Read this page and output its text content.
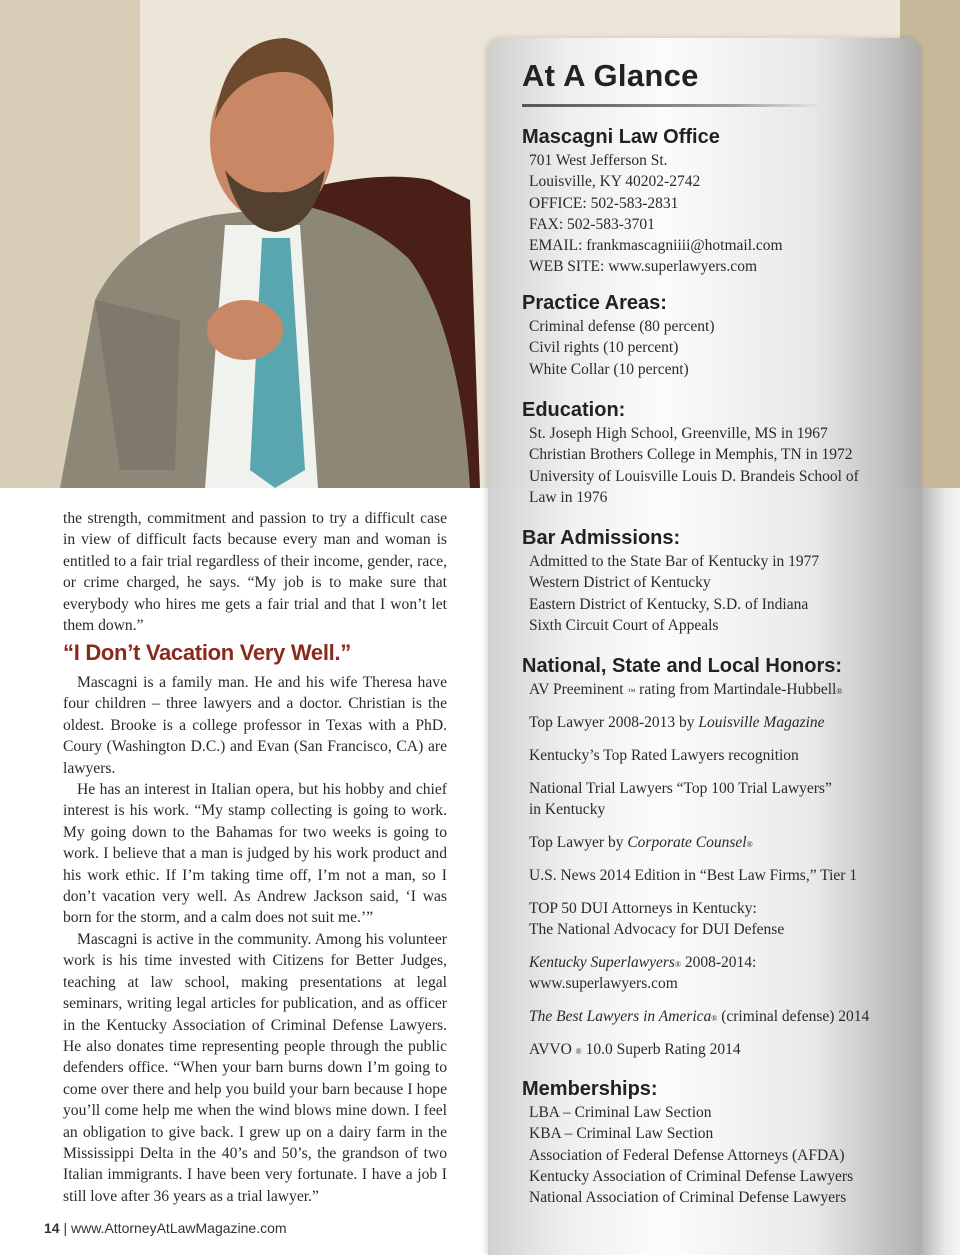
At A Glance
Mascagni Law Office
701 West Jefferson St.
Louisville, KY 40202-2742
OFFICE: 502-583-2831
FAX: 502-583-3701
EMAIL: frankmascagniiii@hotmail.com
WEB SITE: www.superlawyers.com
Practice Areas:
Criminal defense (80 percent)
Civil rights (10 percent)
White Collar (10 percent)
Education:
St. Joseph High School, Greenville, MS in 1967
Christian Brothers College in Memphis, TN in 1972
University of Louisville Louis D. Brandeis School of
Law in 1976
Bar Admissions:
Admitted to the State Bar of Kentucky in 1977
Western District of Kentucky
Eastern District of Kentucky, S.D. of Indiana
Sixth Circuit Court of Appeals
National, State and Local Honors:
AV Preeminent ™ rating from Martindale-Hubbell®
Top Lawyer 2008-2013 by Louisville Magazine
Kentucky’s Top Rated Lawyers recognition
National Trial Lawyers “Top 100 Trial Lawyers”
in Kentucky
Top Lawyer by Corporate Counsel®
U.S. News 2014 Edition in “Best Law Firms,” Tier 1
TOP 50 DUI Attorneys in Kentucky:
The National Advocacy for DUI Defense
Kentucky Superlawyers® 2008-2014:
www.superlawyers.com
The Best Lawyers in America® (criminal defense) 2014
AVVO ® 10.0 Superb Rating 2014
Memberships:
LBA – Criminal Law Section
KBA – Criminal Law Section
Association of Federal Defense Attorneys (AFDA)
Kentucky Association of Criminal Defense Lawyers
National Association of Criminal Defense Lawyers

the strength, commitment and passion to try a difficult case in view of difficult facts because every man and woman is entitled to a fair trial regardless of their income, gender, race, or crime charged, he says. “My job is to make sure that everybody who hires me gets a fair trial and that I won’t let them down.”

“I Don’t Vacation Very Well.”

Mascagni is a family man. He and his wife Theresa have four children – three lawyers and a doctor. Christian is the oldest. Brooke is a college professor in Texas with a PhD. Coury (Washington D.C.) and Evan (San Francisco, CA) are lawyers.

He has an interest in Italian opera, but his hobby and chief interest is his work. “My stamp collecting is going to work. My going down to the Bahamas for two weeks is going to work. I believe that a man is judged by his work product and his work ethic. If I’m taking time off, I’m not a man, so I don’t vacation very well. As Andrew Jackson said, ‘I was born for the storm, and a calm does not suit me.’”

Mascagni is active in the community. Among his volunteer work is his time invested with Citizens for Better Judges, teaching at law school, making presentations at legal seminars, writing legal articles for publication, and as officer in the Kentucky Association of Criminal Defense Lawyers. He also donates time representing people through the public defenders office. “When your barn burns down I’m going to come over there and help you build your barn because I hope you’ll come help me when the wind blows mine down. I feel an obligation to give back. I grew up on a dairy farm in the Mississippi Delta in the 40’s and 50’s, the grandson of two Italian immigrants. I have been very fortunate. I have a job I still love after 36 years as a trial lawyer.”

14 | www.AttorneyAtLawMagazine.com
